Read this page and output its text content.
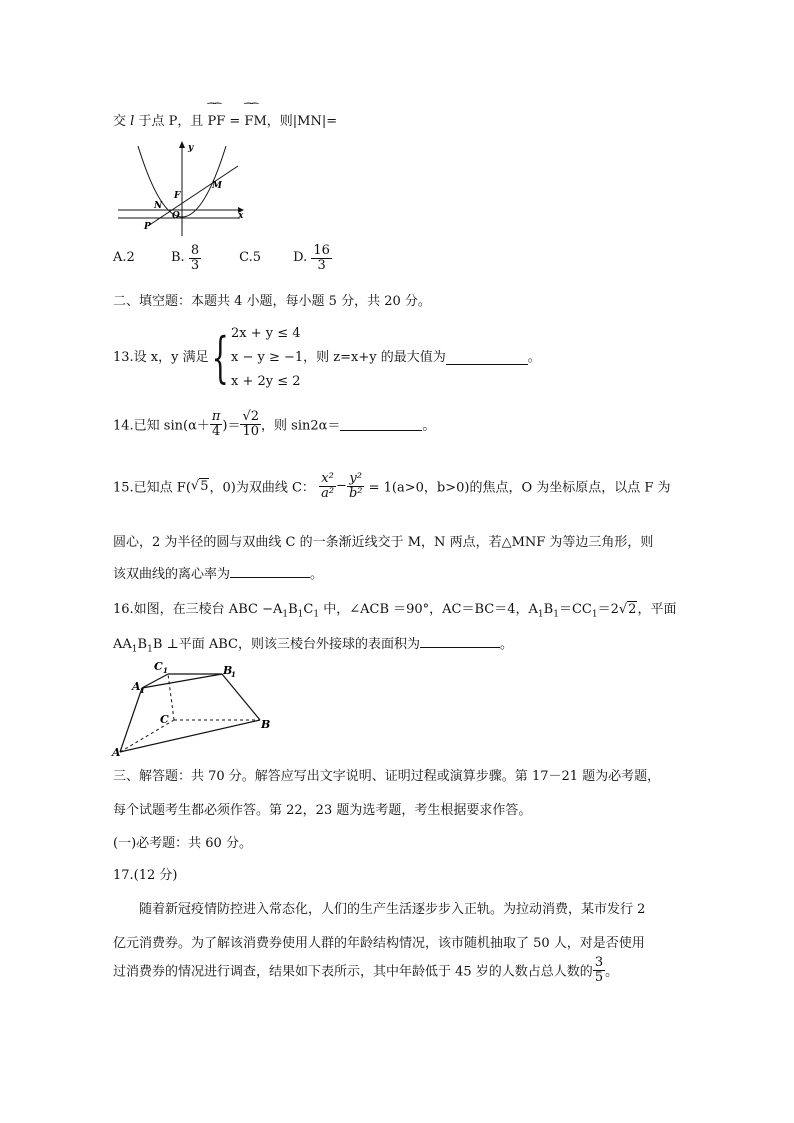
交 l 于点 P，且 ⁀⁀ PF = ⁀⁀ FM，则|MN|=
y
x
F
M
N
O
P
A.2	B. $\frac{8}{3}$	C.5 D. $\frac{16}{3}$
二、填空题：本题共 4 小题，每小题 5 分，共 20 分。
13.设 x，y 满足{ 2x + y ≤ 4
x − y ≥ −1
x + 2y ≤ 2
，则 z=x+y 的最大值为	。
14.已知 $\sin(\alpha+ \frac{\pi}{4}$ )＝ $\frac{√2}{10}$ ，则 sin2α＝	。
15.已知点 F(√5，0)为双曲线 C： $\frac{\text{x²}}{\text{a²}} - \frac{\text{y²}}{\text{b²}} = 1(a>0$，b>0)的焦点，O 为坐标原点，以点 F 为
圆心，2 为半径的圆与双曲线 C 的一条渐近线交于 M，N 两点，若△MNF 为等边三角形，则
该双曲线的离心率为	。
16.如图，在三棱台 ABC $-A_1B_1C_1$ 中，∠ACB ＝90°，AC＝BC＝4，$A_1B_1=CC_1=2√2$，平面
$AA_1B_1B$ ⊥平面 ABC，则该三棱台外接球的表面积为	。
C 1	B
1
A 1
C	B
A
三、解答题：共 70 分。解答应写出文字说明、证明过程或演算步骤。第 17－21 题为必考题，
每个试题考生都必须作答。第 22，23 题为选考题，考生根据要求作答。
(一)必考题：共 60 分。
17.(12 分)
随着新冠疫情防控进入常态化，人们的生产生活逐步步入正轨。为拉动消费，某市发行 2
亿元消费券。为了解该消费券使用人群的年龄结构情况，该市随机抽取了 50 人，对是否使用
过消费券的情况进行调查，结果如下表所示，其中年龄低于 45 岁的人数占总人数的 $\frac{3}{5}$ 。
